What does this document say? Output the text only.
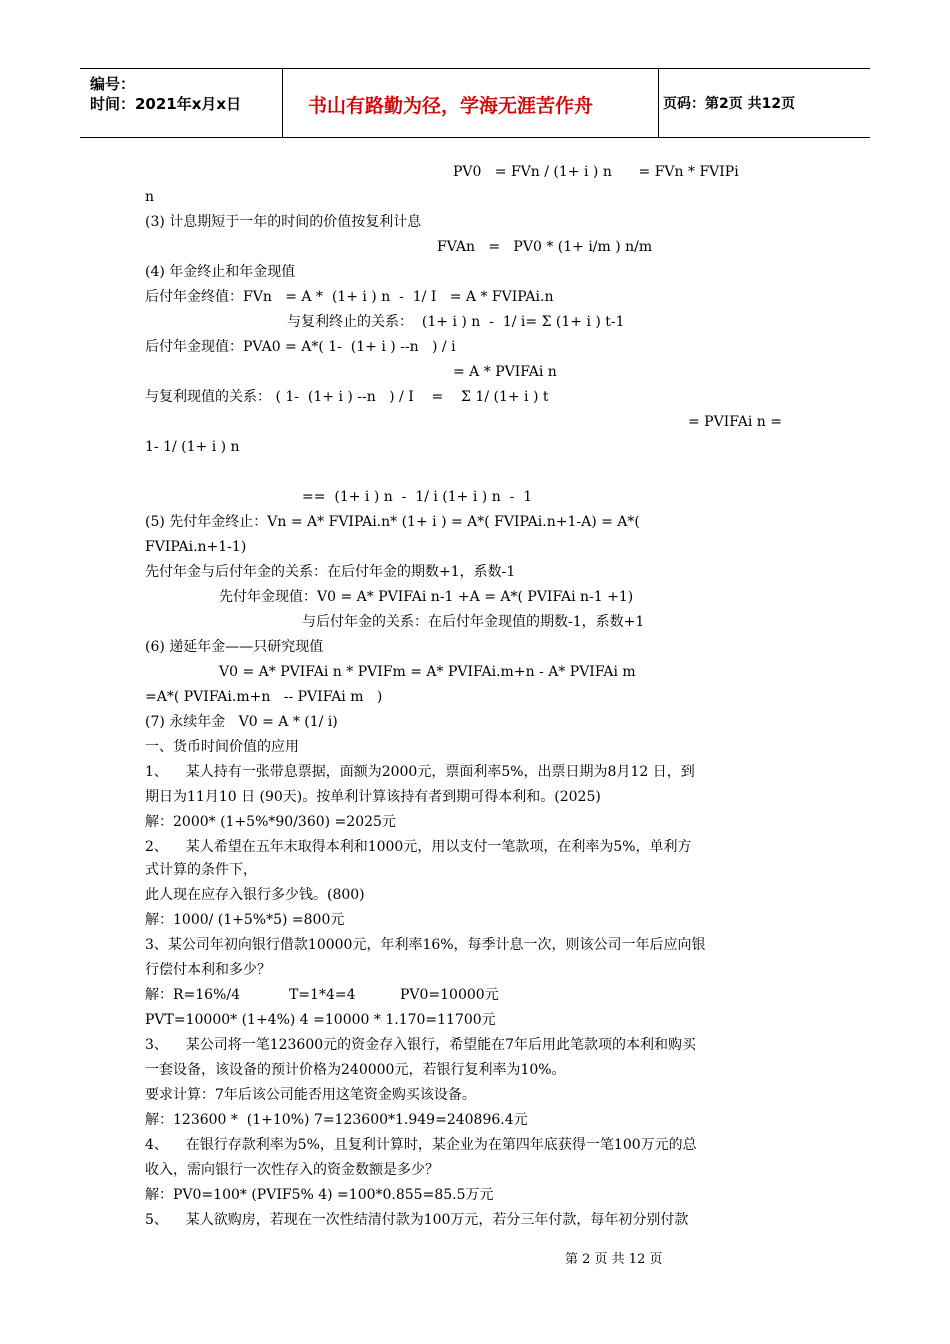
编号：
时间：2021年x月x日	书山有路勤为径，学海无涯苦作舟	页码：第2页 共12页
PV0   = FVn / (1+ i ) n      = FVn * FVIPi
n
(3) 计息期短于一年的时间的价值按复利计息
FVAn   =   PV0 * (1+ i/m ) n/m
(4) 年金终止和年金现值
后付年金终值：FVn   = A *  (1+ i ) n  -  1/ I   = A * FVIPAi.n
与复利终止的关系：  (1+ i ) n  -  1/ i= Σ (1+ i ) t-1
后付年金现值：PVA0 = A*( 1-  (1+ i ) --n   ) / i
= A * PVIFAi n
与复利现值的关系： ( 1-  (1+ i ) --n   ) / I    =    Σ 1/ (1+ i ) t
= PVIFAi n =
1- 1/ (1+ i ) n
==  (1+ i ) n  -  1/ i (1+ i ) n  -  1
(5) 先付年金终止：Vn = A* FVIPAi.n* (1+ i ) = A*( FVIPAi.n+1-A) = A*(
FVIPAi.n+1-1)
先付年金与后付年金的关系：在后付年金的期数+1，系数-1
先付年金现值：V0 = A* PVIFAi n-1 +A = A*( PVIFAi n-1 +1)
与后付年金的关系：在后付年金现值的期数-1，系数+1
(6) 递延年金——只研究现值
V0 = A* PVIFAi n * PVIFm = A* PVIFAi.m+n - A* PVIFAi m
=A*( PVIFAi.m+n   -- PVIFAi m   )
(7) 永续年金   V0 = A * (1/ i)
一、货币时间价值的应用
1、    某人持有一张带息票据，面额为2000元，票面利率5%，出票日期为8月12 日，到
期日为11月10 日 (90天)。按单利计算该持有者到期可得本利和。(2025)
解：2000* (1+5%*90/360) =2025元
2、    某人希望在五年末取得本利和1000元，用以支付一笔款项，在利率为5%，单利方
式计算的条件下，
此人现在应存入银行多少钱。(800)
解：1000/ (1+5%*5) =800元
3、某公司年初向银行借款10000元，年利率16%，每季计息一次，则该公司一年后应向银
行偿付本利和多少？
解：R=16%/4           T=1*4=4          PV0=10000元
PVT=10000* (1+4%) 4 =10000 * 1.170=11700元
3、    某公司将一笔123600元的资金存入银行，希望能在7年后用此笔款项的本利和购买
一套设备，该设备的预计价格为240000元，若银行复利率为10%。
要求计算：7年后该公司能否用这笔资金购买该设备。
解：123600 *  (1+10%) 7=123600*1.949=240896.4元
4、    在银行存款利率为5%，且复利计算时，某企业为在第四年底获得一笔100万元的总
收入，需向银行一次性存入的资金数额是多少？
解：PV0=100* (PVIF5% 4) =100*0.855=85.5万元
5、    某人欲购房，若现在一次性结清付款为100万元，若分三年付款，每年初分别付款
第 2 页 共 12 页
